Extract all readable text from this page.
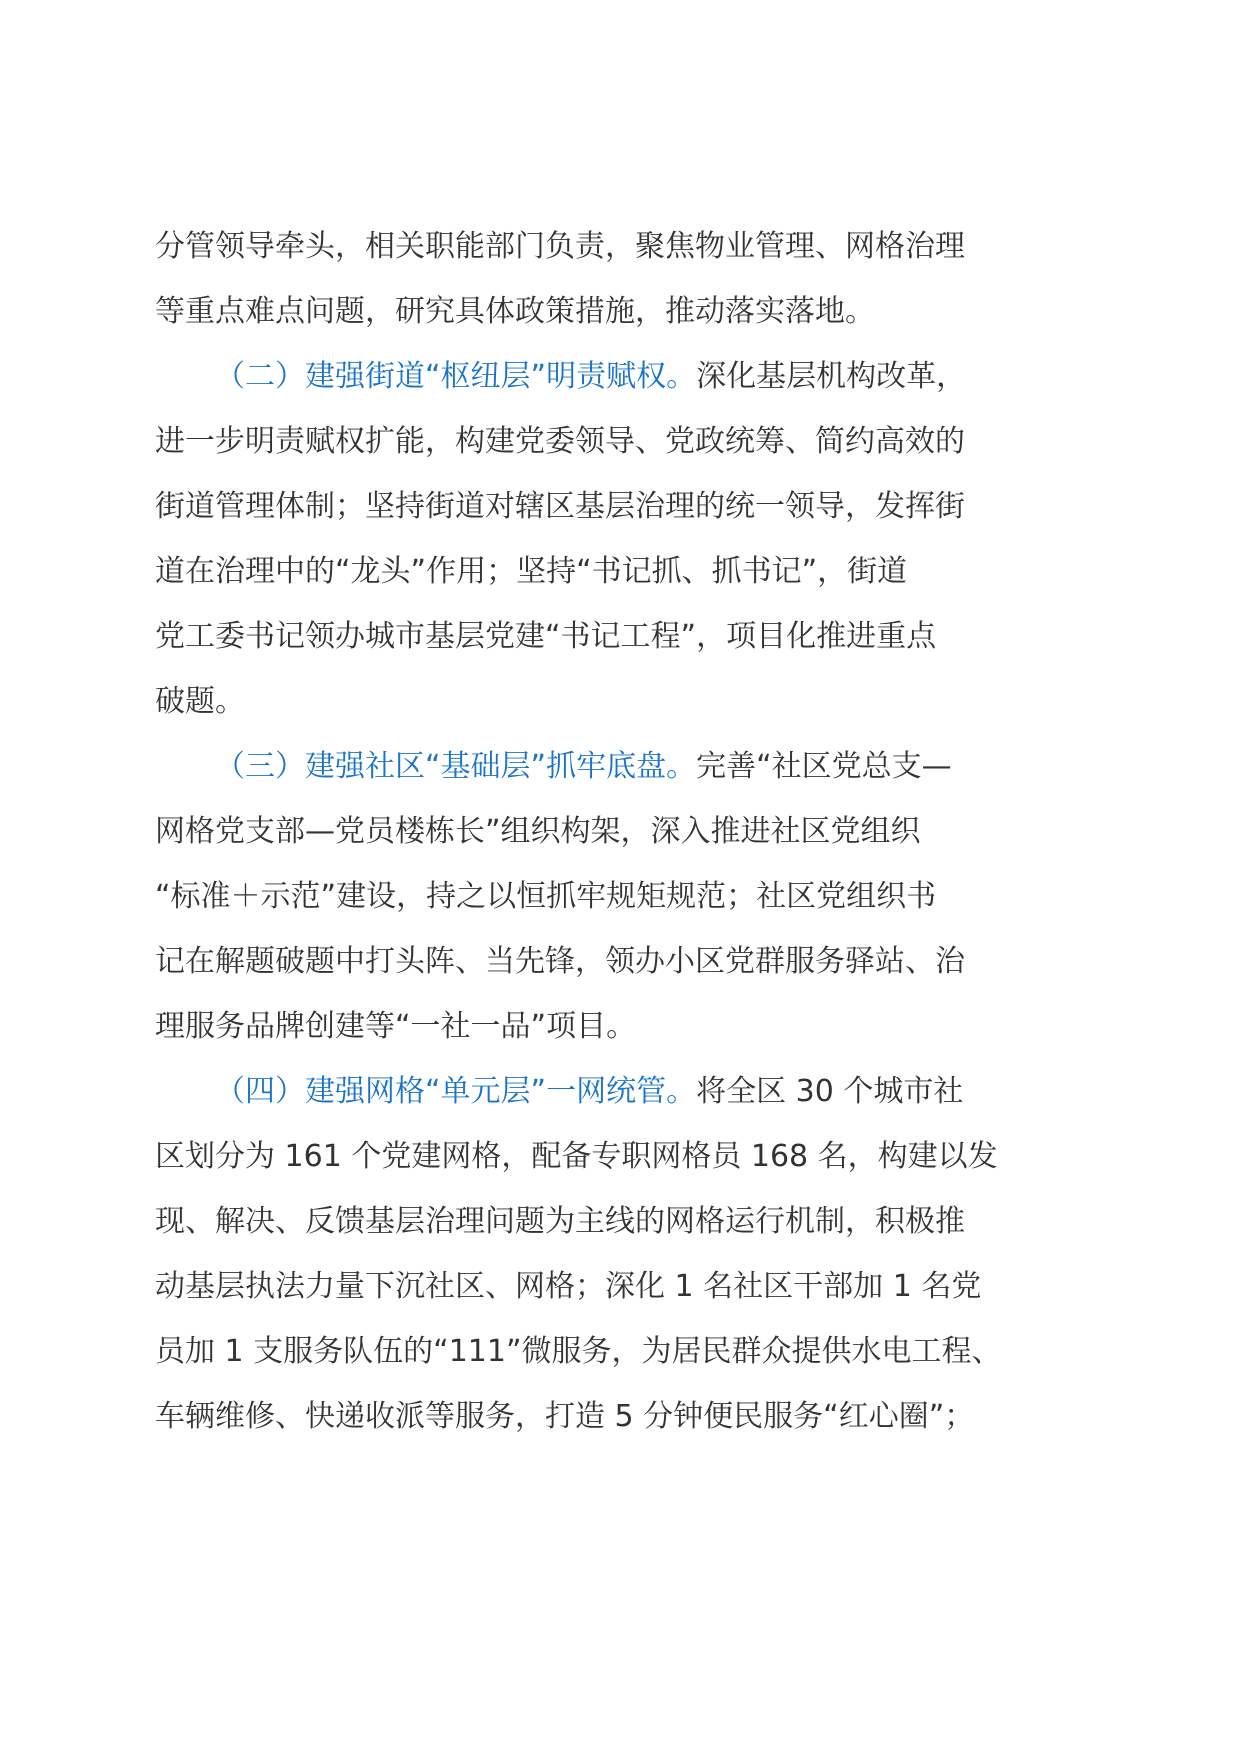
分管领导牵头，相关职能部门负责，聚焦物业管理、网格治理
等重点难点问题，研究具体政策措施，推动落实落地。
（二）建强街道“枢纽层”明责赋权。深化基层机构改革，
进一步明责赋权扩能，构建党委领导、党政统筹、简约高效的
街道管理体制；坚持街道对辖区基层治理的统一领导，发挥街
道在治理中的“龙头”作用；坚持“书记抓、抓书记”，街道
党工委书记领办城市基层党建“书记工程”，项目化推进重点
破题。
（三）建强社区“基础层”抓牢底盘。完善“社区党总支—
网格党支部—党员楼栋长”组织构架，深入推进社区党组织
“标准＋示范”建设，持之以恒抓牢规矩规范；社区党组织书
记在解题破题中打头阵、当先锋，领办小区党群服务驿站、治
理服务品牌创建等“一社一品”项目。
（四）建强网格“单元层”一网统管。将全区 30 个城市社
区划分为 161 个党建网格，配备专职网格员 168 名，构建以发
现、解决、反馈基层治理问题为主线的网格运行机制，积极推
动基层执法力量下沉社区、网格；深化 1 名社区干部加 1 名党
员加 1 支服务队伍的“111”微服务，为居民群众提供水电工程、
车辆维修、快递收派等服务，打造 5 分钟便民服务“红心圈”；
